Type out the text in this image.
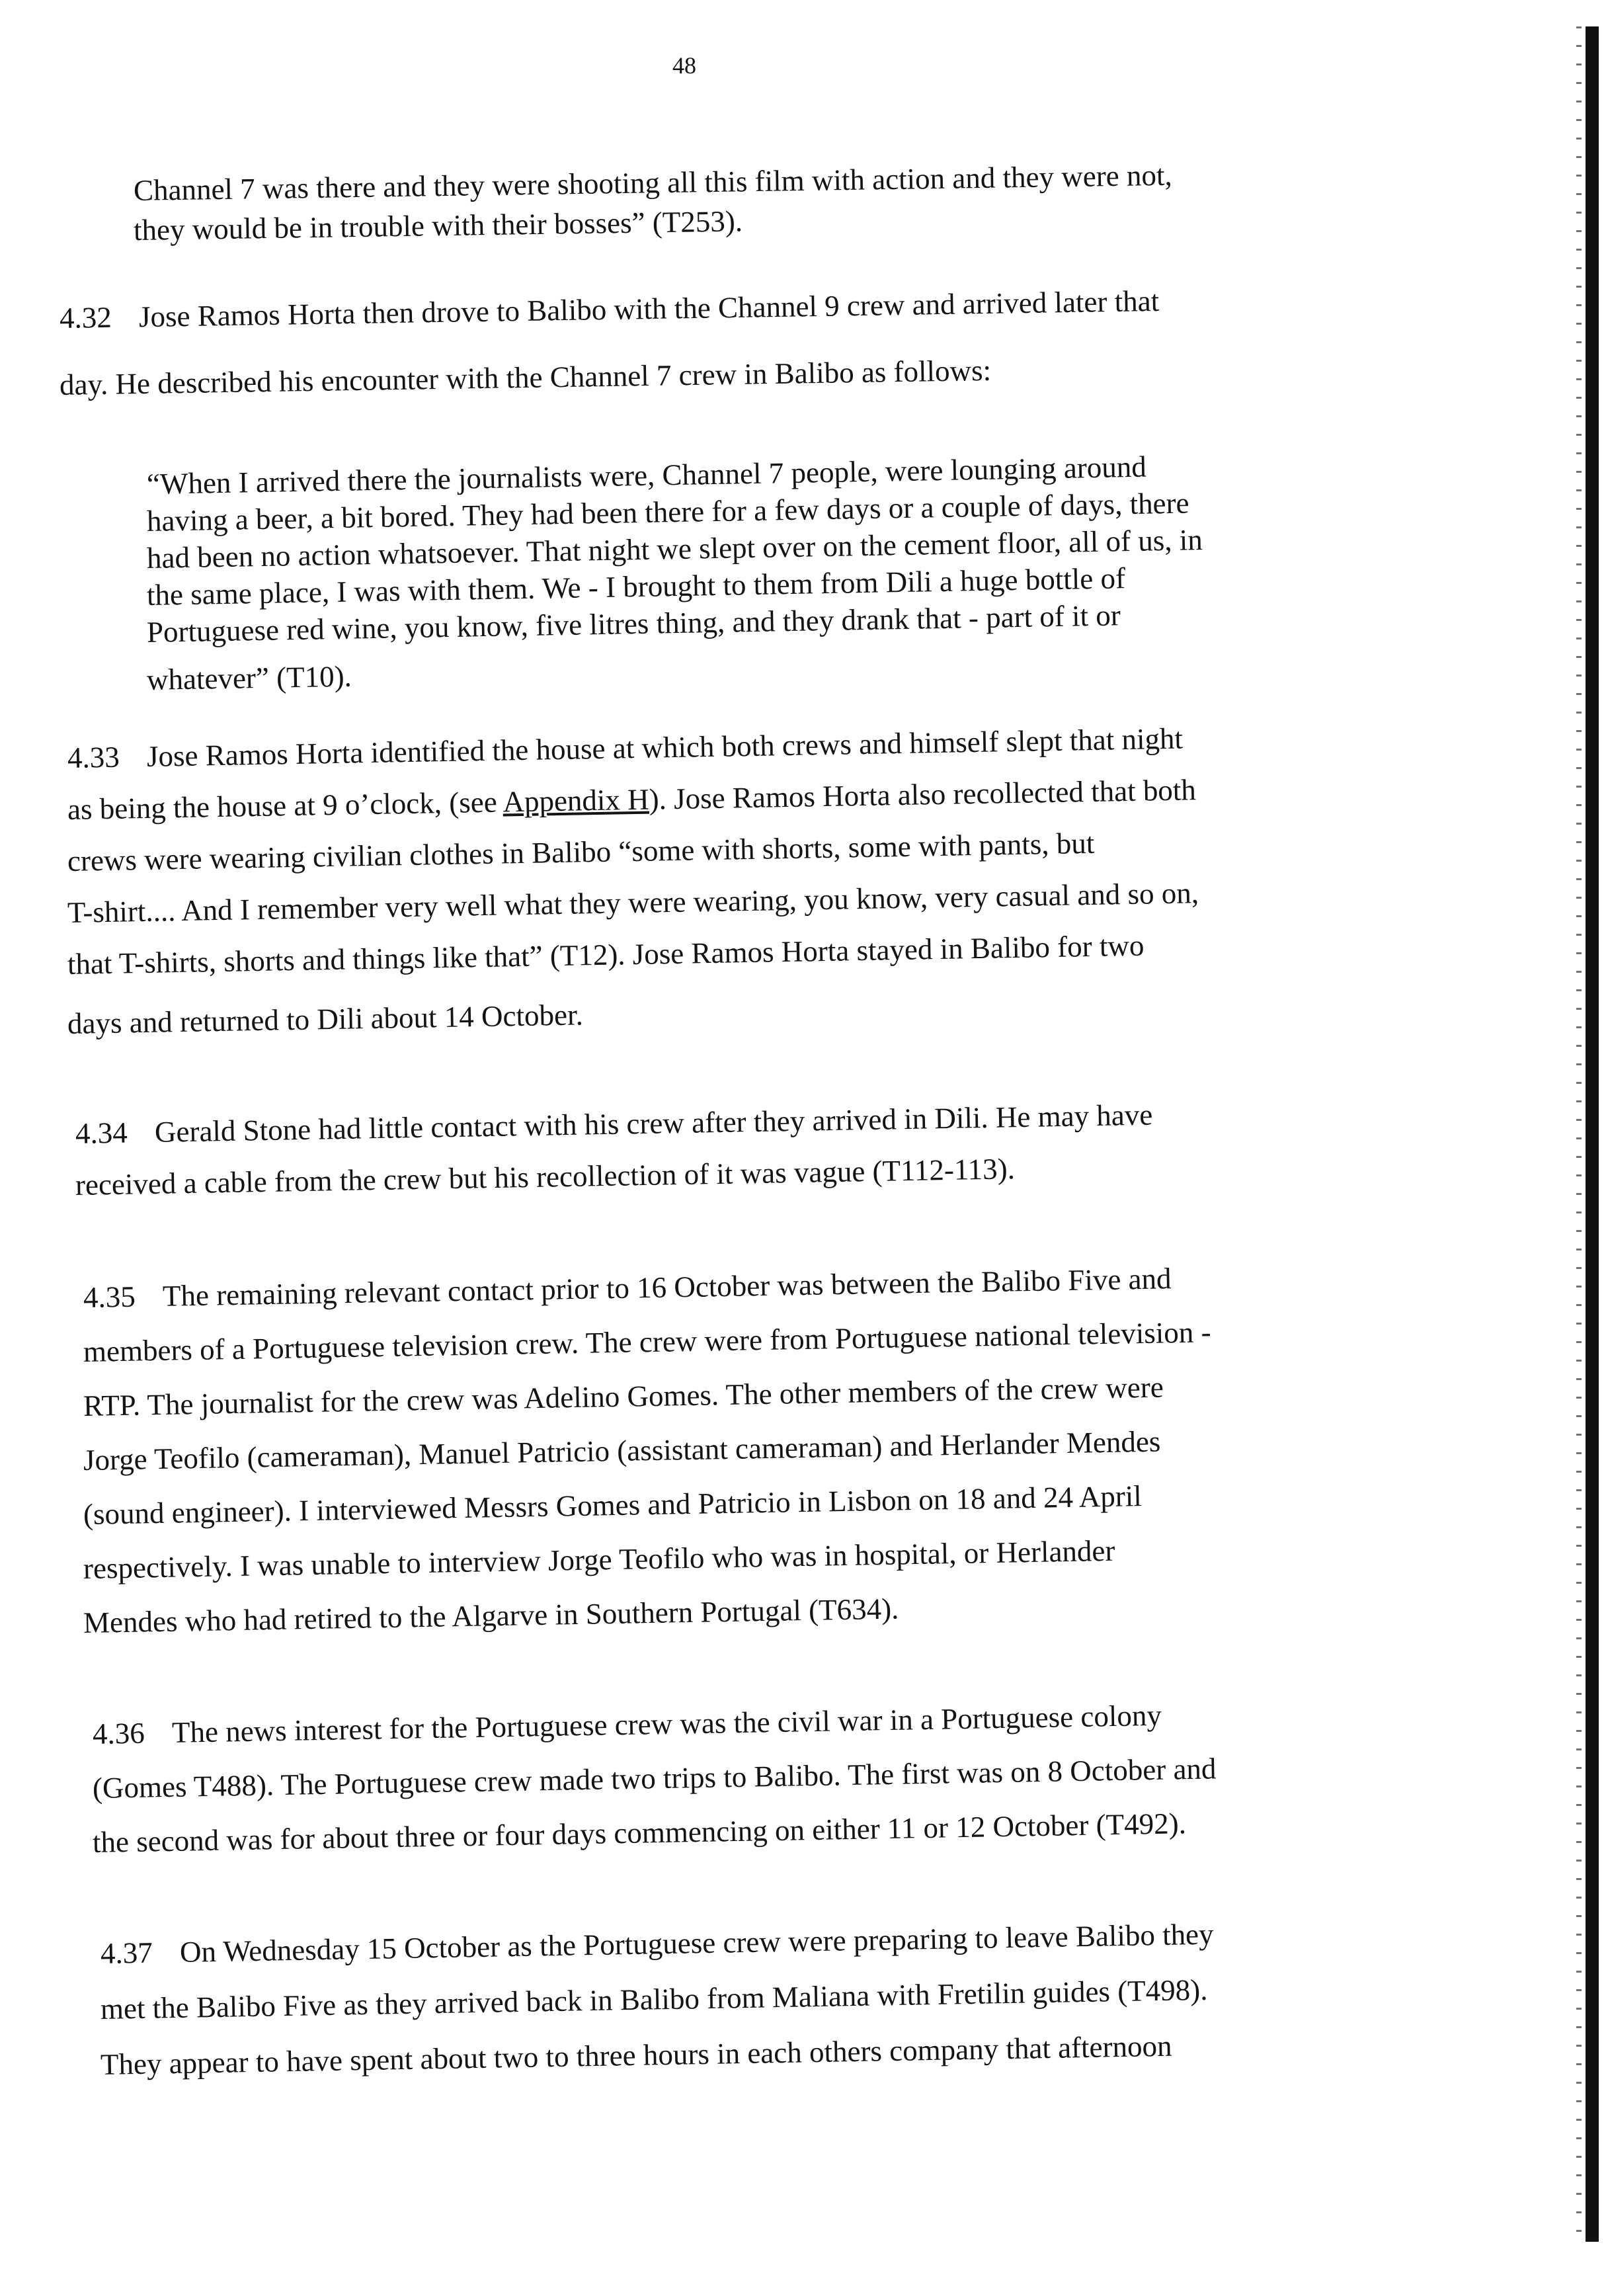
48
Channel 7 was there and they were shooting all this film with action and they were not,
they would be in trouble with their bosses” (T253).
4.32 Jose Ramos Horta then drove to Balibo with the Channel 9 crew and arrived later that
day. He described his encounter with the Channel 7 crew in Balibo as follows:
“When I arrived there the journalists were, Channel 7 people, were lounging around
having a beer, a bit bored. They had been there for a few days or a couple of days, there
had been no action whatsoever. That night we slept over on the cement floor, all of us, in
the same place, I was with them. We - I brought to them from Dili a huge bottle of
Portuguese red wine, you know, five litres thing, and they drank that - part of it or
whatever” (T10).
4.33 Jose Ramos Horta identified the house at which both crews and himself slept that night
as being the house at 9 o’clock, (see Appendix H). Jose Ramos Horta also recollected that both
crews were wearing civilian clothes in Balibo “some with shorts, some with pants, but
T-shirt.... And I remember very well what they were wearing, you know, very casual and so on,
that T-shirts, shorts and things like that” (T12). Jose Ramos Horta stayed in Balibo for two
days and returned to Dili about 14 October.
4.34 Gerald Stone had little contact with his crew after they arrived in Dili. He may have
received a cable from the crew but his recollection of it was vague (T112-113).
4.35 The remaining relevant contact prior to 16 October was between the Balibo Five and
members of a Portuguese television crew. The crew were from Portuguese national television -
RTP. The journalist for the crew was Adelino Gomes. The other members of the crew were
Jorge Teofilo (cameraman), Manuel Patricio (assistant cameraman) and Herlander Mendes
(sound engineer). I interviewed Messrs Gomes and Patricio in Lisbon on 18 and 24 April
respectively. I was unable to interview Jorge Teofilo who was in hospital, or Herlander
Mendes who had retired to the Algarve in Southern Portugal (T634).
4.36 The news interest for the Portuguese crew was the civil war in a Portuguese colony
(Gomes T488). The Portuguese crew made two trips to Balibo. The first was on 8 October and
the second was for about three or four days commencing on either 11 or 12 October (T492).
4.37 On Wednesday 15 October as the Portuguese crew were preparing to leave Balibo they
met the Balibo Five as they arrived back in Balibo from Maliana with Fretilin guides (T498).
They appear to have spent about two to three hours in each others company that afternoon
